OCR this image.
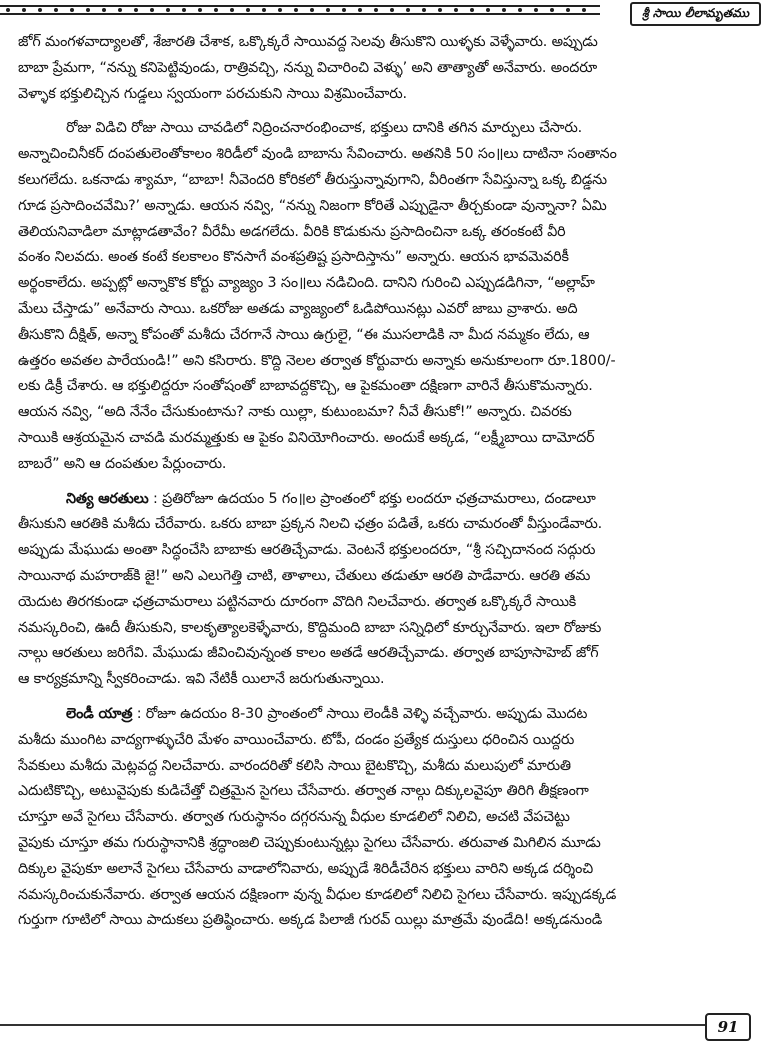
శ్రీ సాయి లీలామృతము
జోగ్ మంగళవాద్యాలతో, శేజారతి చేశాక, ఒక్కొక్కరే సాయివద్ద సెలవు తీసుకొని యిళ్ళకు వెళ్ళేవారు. అప్పుడు
బాబా ప్రేమగా, “నన్ను కనిపెట్టివుండు, రాత్రివచ్చి, నన్ను విచారించి వెళ్ళు’ అని తాత్యాతో అనేవారు. అందరూ
వెళ్ళాక భక్తులిచ్చిన గుడ్డలు స్వయంగా పరచుకుని సాయి విశ్రమించేవారు.
రోజు విడిచి రోజు సాయి చావడిలో నిద్రించనారంభించాక, భక్తులు దానికి తగిన మార్పులు చేసారు.
అన్నాచించినీకర్ దంపతులెంతోకాలం శిరిడీలో వుండి బాబాను సేవించారు. అతనికి 50 సం॥లు దాటినా సంతానం
కలుగలేదు. ఒకనాడు శ్యామా, “బాబా! నీవెందరి కోరికలో తీరుస్తున్నావుగాని, వీరింతగా సేవిస్తున్నా ఒక్క బిడ్డను
గూడ ప్రసాదించవేమి?’ అన్నాడు. ఆయన నవ్వి, “నన్ను నిజంగా కోరితే ఎప్పుడైనా తీర్చకుండా వున్నానా? ఏమి
తెలియనివాడిలా మాట్లాడతావేం? వీరేమీ అడగలేదు. వీరికి కొడుకును ప్రసాదించినా ఒక్క తరంకంటే వీరి
వంశం నిలవదు. అంత కంటే కలకాలం కొనసాగే వంశప్రతిష్ట ప్రసాదిస్తాను” అన్నారు. ఆయన భావమెవరికీ
అర్థంకాలేదు. అప్పట్లో అన్నాకొక కోర్టు వ్యాజ్యం 3 సం॥లు నడిచింది. దానిని గురించి ఎప్పుడడిగినా, “అల్లాహ్
మేలు చేస్తాడు” అనేవారు సాయి. ఒకరోజు అతడు వ్యాజ్యంలో ఓడిపోయినట్లు ఎవరో జాబు వ్రాశారు. అది
తీసుకొని దీక్షిత్, అన్నా కోపంతో మశీదు చేరగానే సాయి ఉగ్రులై, “ఈ ముసలాడికి నా మీద నమ్మకం లేదు, ఆ
ఉత్తరం అవతల పారేయండి!” అని కసిరారు. కొద్ది నెలల తర్వాత కోర్టువారు అన్నాకు అనుకూలంగా రూ.1800/-
లకు డిక్రీ చేశారు. ఆ భక్తులిద్దరూ సంతోషంతో బాబావద్దకొచ్చి, ఆ పైకమంతా దక్షిణగా వారినే తీసుకొమన్నారు.
ఆయన నవ్వి, “అది నేనేం చేసుకుంటాను? నాకు యిల్లా, కుటుంబమా? నీవే తీసుకో!” అన్నారు. చివరకు
సాయికి ఆశ్రయమైన చావడి మరమ్మత్తుకు ఆ పైకం వినియోగించారు. అందుకే అక్కడ, “లక్ష్మీబాయి దామోదర్
బాబరే” అని ఆ దంపతుల పేర్లుంచారు.
నిత్య ఆరతులు : ప్రతిరోజూ ఉదయం 5 గం॥ల ప్రాంతంలో భక్తు లందరూ ఛత్రచామరాలు, దండాలూ
తీసుకుని ఆరతికి మశీదు చేరేవారు. ఒకరు బాబా ప్రక్కన నిలచి ఛత్రం పడితే, ఒకరు చామరంతో వీస్తుండేవారు.
అప్పుడు మేఘుడు అంతా సిద్ధంచేసి బాబాకు ఆరతిచ్చేవాడు. వెంటనే భక్తులందరూ, “శ్రీ సచ్చిదానంద సద్గురు
సాయినాథ మహరాజ్‌కి జై!” అని ఎలుగెత్తి చాటి, తాళాలు, చేతులు తడుతూ ఆరతి పాడేవారు. ఆరతి తమ
యెదుట తిరగకుండా ఛత్రచామరాలు పట్టినవారు దూరంగా వొదిగి నిలచేవారు. తర్వాత ఒక్కొక్కరే సాయికి
నమస్కరించి, ఊదీ తీసుకుని, కాలకృత్యాలకెళ్ళేవారు, కొద్దిమంది బాబా సన్నిధిలో కూర్చునేవారు. ఇలా రోజుకు
నాల్గు ఆరతులు జరిగేవి. మేఘుడు జీవించివున్నంత కాలం అతడే ఆరతిచ్చేవాడు. తర్వాత బాపూసాహెబ్ జోగ్
ఆ కార్యక్రమాన్ని స్వీకరించాడు. ఇవి నేటికీ యిలానే జరుగుతున్నాయి.
లెండీ యాత్ర : రోజూ ఉదయం 8-30 ప్రాంతంలో సాయి లెండీకి వెళ్ళి వచ్చేవారు. అప్పుడు మొదట
మశీదు ముంగిట వాద్యగాళ్ళుచేరి మేళం వాయించేవారు. టోపీ, దండం ప్రత్యేక దుస్తులు ధరించిన యిద్దరు
సేవకులు మశీదు మెట్లవద్ద నిలచేవారు. వారందరితో కలిసి సాయి బైటకొచ్చి, మశీదు మలుపులో మారుతి
ఎదుటికొచ్చి, అటువైపుకు కుడిచేత్తో చిత్రమైన సైగలు చేసేవారు. తర్వాత నాల్గు దిక్కులవైపూ తిరిగి తీక్షణంగా
చూస్తూ అవే సైగలు చేసేవారు. తర్వాత గురుస్థానం దగ్గరనున్న వీధుల కూడలిలో నిలిచి, అచటి వేపచెట్టు
వైపుకు చూస్తూ తమ గురుస్థానానికి శ్రద్ధాంజలి చెప్పుకుంటున్నట్లు సైగలు చేసేవారు. తరువాత మిగిలిన మూడు
దిక్కుల వైపుకూ అలానే సైగలు చేసేవారు వాడాలోనివారు, అప్పుడే శిరిడీచేరిన భక్తులు వారిని అక్కడ దర్శించి
నమస్కరించుకునేవారు. తర్వాత ఆయన దక్షిణంగా వున్న వీధుల కూడలిలో నిలిచి సైగలు చేసేవారు. ఇప్పుడక్కడ
గుర్తుగా గూటిలో సాయి పాదుకలు ప్రతిష్ఠించారు. అక్కడ పిలాజీ గురవ్ యిల్లు మాత్రమే వుండేది! అక్కడనుండి
91
